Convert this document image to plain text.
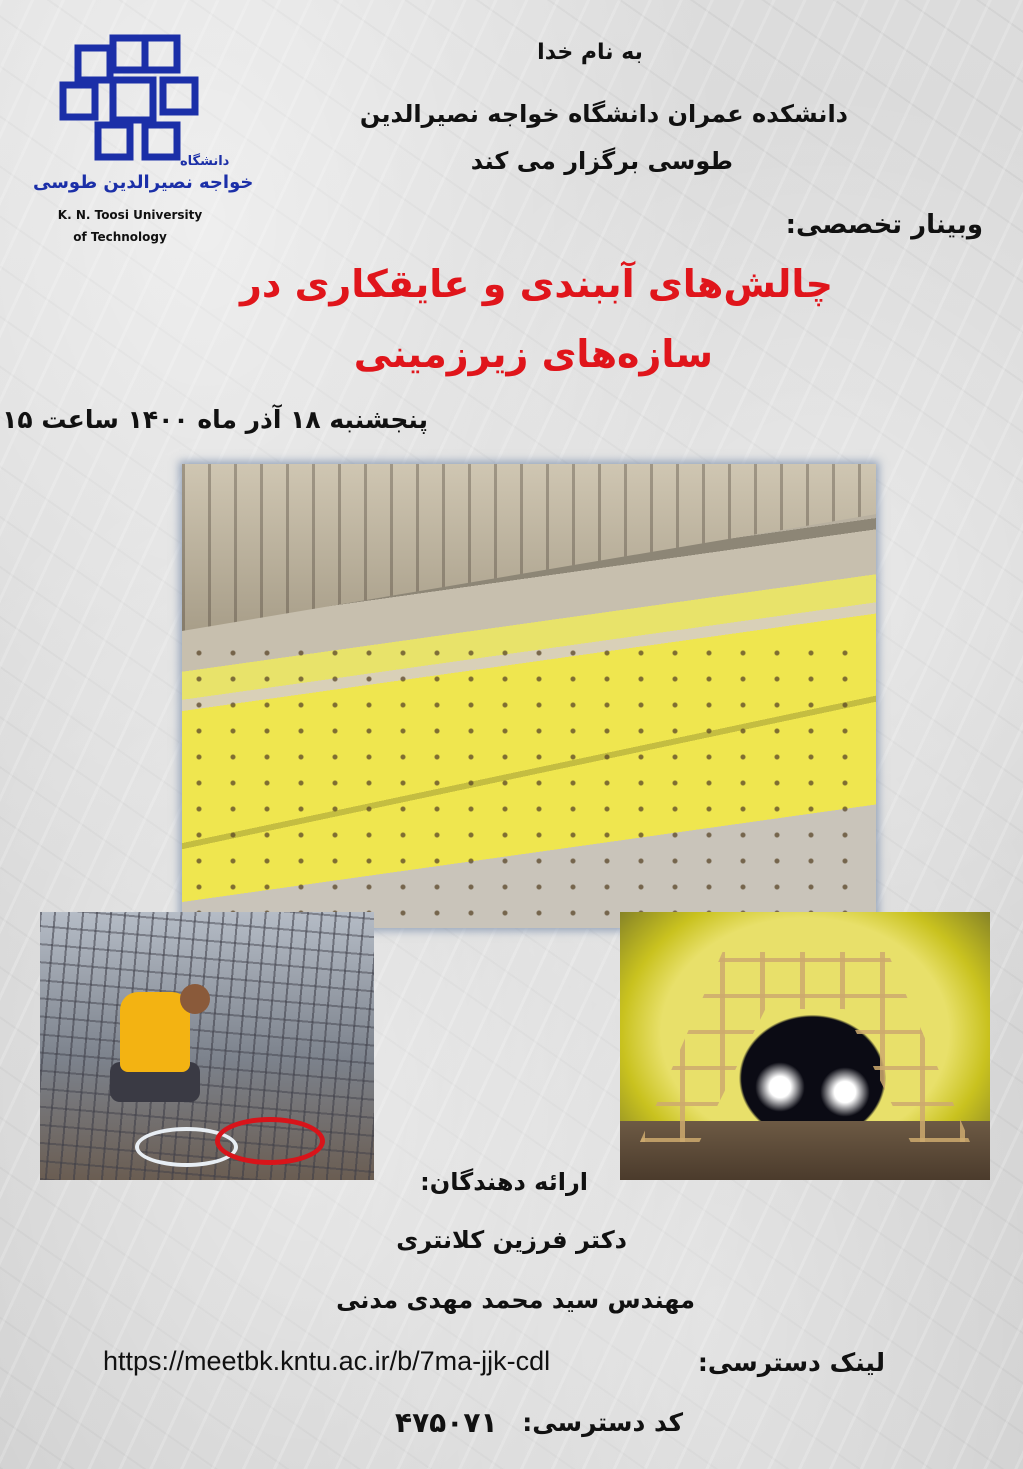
دانشگاه
خواجه نصیرالدین طوسی
K. N. Toosi University
of Technology
به نام خدا
دانشکده عمران دانشگاه خواجه نصیرالدین
طوسی برگزار می کند
وبینار تخصصی:
چالش‌های آببندی و عایقکاری در
سازه‌های زیرزمینی
پنجشنبه ۱۸ آذر ماه ۱۴۰۰ ساعت ۱۵
ارائه دهندگان:
دکتر فرزین کلانتری
مهندس سید محمد مهدی مدنی
لینک دسترسی:
https://meetbk.kntu.ac.ir/b/7ma-jjk-cdl
کد دسترسی:
۴۷۵۰۷۱
